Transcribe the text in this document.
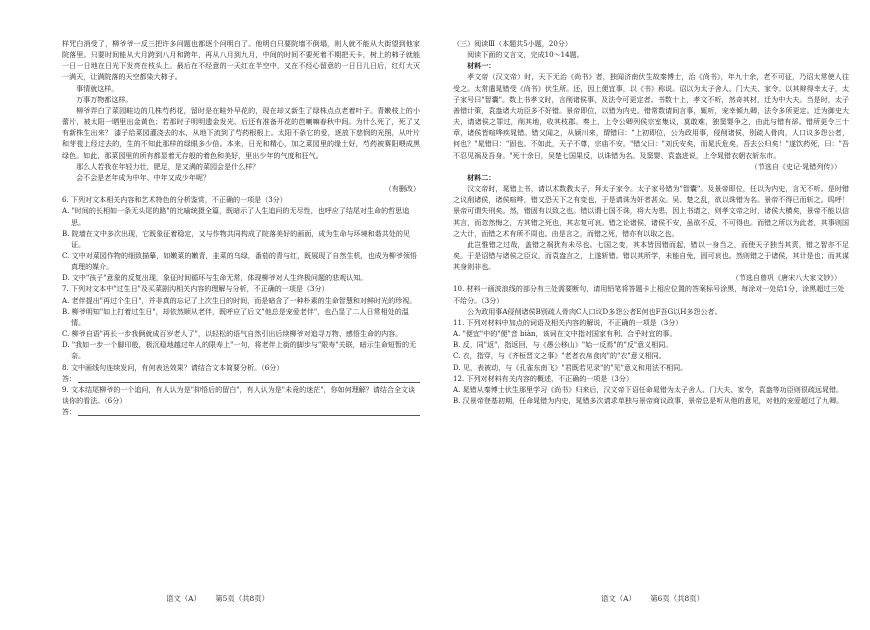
样咒白消受了，柳爷爷一反三把许多问题也都逐个问明白了。他明白只要院墙不倒塌，则人就不能从大街望到他家院落里。只要时间能从大月跨到八月和跨年，再从八月到九月，中间的时间不要死着不期把天卡，树上的柿子就能一日一日地在日光下发亮在枝头上。最后在不经意的一天红在半空中，又在不经心留意的一日日儿日后，红灯大灭一满天，让满院落的天空都染大柿子。

事情就这样。

万事万物都这样。

柳爷弄白了菜园畦边的几株芍药花，留时是在畦外早花的，现在却又新生了绿株点点老着叶子。青嫩枝上的小蕾片，被太阳一晒里出金黄色；若那时子明明遗金发光，后还有准备开花的芭喇嘛春秋中间。为什么死了，死了又有新株生出来？ 漆子给菜园灌浇去的水，从地下流到了芍药根根上。太阳不条它的爱，逐放下慈悯的光照，从叶片和芽苞上经过去的，生的不知此那样的绿眼多少倍。本来，日光和精心，加之菜园里的缘土好，芍药被赛阳喂成黑绿色。如此，那菜园里的所有都显着无存般的着色和美好，里出少年的气度和狂气。

那么人若我在年轻力壮，肥足，是又满的菜园会是什么样？

会不会是老年成为中年、中年又成少年呢？

（有删改）

6. 下列对文本相关内容和艺术特色的分析鉴赏，不正确的一项是（3分）

A. "时间的长相如一条无头尾的路"的比喻统摄全篇，既暗示了人生追问的无尽性，也呼应了结尾对生命的哲思追思。

B. 院墙在文中多次出现，它既象征着稳定，又与作物共同构成了院落美好的画面，成为生命与环境和谐共处的见证。

C. 文中对菜园作物的细致描摹，如嫩菜的嫩青，韭菜的乌绿，番茄的青与红，既展现了自然生机，也成为柳爷领悟真理的媒介。

D. 文中"孩子"意象的反复出现，象征时间循环与生命无常，体现柳爷对人生终极问题的悲观认知。

7. 下列对文本中"过生日"及买菜剧沟相关内容的理解与分析，不正确的一项是（3分）

A. 老伴提出"再过个生日"，并非真的忘记了上次生日的时间，而是暗含了一种朴素的生命智慧和对鲜时光的珍视。

B. 柳爷明知"如上打着过生日"，却依然顺从老伴，既呼应了后文"他总是宠爱老伴"，也凸显了二人日常相处的温情。

C. 柳爷自语"再长一步我俩就成百岁老人了"，以轻松的语气自然引出后续柳爷对追寻万物、感悟生命的内容。

D. "我如一步一个脚印般，极沉稳地越过年人的限寿上"一句，将老伴上街的脚步与"限寿"关联，暗示生命短暂的无奈。

8. 文中画线句连续发问，有何表达效果？请结合文本简要分析。（6分）

答：

9. 文本结尾柳爷的一个追问，有人认为是"抑悟后的留白"，有人认为是"未竟的迷茫"，你如何理解？请结合全文谈谈你的看法。（6分）

答：
语文（A） 第5页（共8页）

（三）阅读Ⅲ（本题共5小题，20分）

阅读下面的文言文，完成10～14题。

材料一：

孝文帝（汉文帝）时，天下无治《尚书》者，独闻济南伏生故秦博士，治《尚书》，年九十余，老不可征，乃诏太常使人往受之。太常遣晁错受《尚书》伏生所。还，因上便宜事，以《书》称说。诏以为太子舍人、门大夫、家令。以其辩得幸太子，太子家号曰"智囊"。数上书孝文时，言削诸侯事，及法令可更定者。书数十上，孝文不听，然奇其材，迁为中大夫。当是时，太子善错计策，袁盎诸大功臣多不好错。景帝即位，以错为内史。错常数请间言事，辄听，宠幸倾九卿，法令多所更定。迁为御史大夫，请诸侯之罪过，削其地，收其枝郡。奏上，上令公卿列侯宗室集议，莫敢难，独窦婴争之，由此与错有郤。错所更令三十章，诸侯皆喧哗疾晁错。错父闻之，从颍川来，谓错曰："上初即位，公为政用事，侵削诸侯，别疏人骨肉，人口议多怨公者，何也？"晁错曰："固也。不如此，天子不尊，宗庙不安。"错父曰："刘氏安矣，而晁氏危矣，吾去公归矣！"遂饮药死，曰："吾不忍见祸及吾身。"死十余日，吴楚七国果反，以诛错为名。及窦婴、袁盎进说，上令晁错衣朝衣斩东市。

（节选自《史记·晁错列传》）

材料二：

汉文帝时，晁错上书，请以术数教太子，拜太子家令。太子家号错为"智囊"。及景帝即位，任以为内史，言无不听。是时错之议削诸侯，诸侯喧哗，错又恐天下之有变也，于是请诛为奸者甚众。吴、楚之乱，欲以诛错为名。景帝不得已而斩之。呜呼！景帝可谓失刑矣。然，错固有以致之也。错以谓七国不诛，将大为患，因上书请之，则孝文帝之时，诸侯大横矣，景帝不能以信其言，而忽然悔之，方其错之死也，其志复可哀。错之论诸侯，诸侯不安，虽欲不反，不可得也。而错之所以为此者，其事则国之大计，而错之术有所不周也。由是言之，而错之死，错亦有以取之也。

此岂惟错之过哉，盖错之祸犹有未尽也。七国之变，其本皆因错而起，错以一身当之，而使天子独当其责，错之智亦不足矣。于是诏错与诸侯之臣议，而袁盎言之，上遂斩错。错以其所学，未能自免，固可哀也。然则错之于诸侯，其计是也；而其谋其身则非也。

（节选自曾巩《唐宋八大家文钞》）

10. 材料一画波浪线的部分有三处需要断句，请用铅笔将答题卡上相应位置的答案标号涂黑，每涂对一处给1分，涂黑超过三处不给分。（3分）

公为政用事A侵削诸侯B别疏人骨肉C人口议D多怨公者E何也F吾G以H多怨公者。

11. 下列对材料中加点的词语及相关内容的解说，不正确的一项是（3分）

A. "便宜"中的"便"音 biàn，该词在文中指对国家有利、合乎时宜的事。

B. 反，同"返"，指返回，与《愚公移山》"始一反焉"的"反"意义相同。

C. 衣，指穿，与《齐桓晋文之事》"老者衣帛食肉"的"衣"意义相同。

D. 见，表被动，与《孔雀东南飞》"君既若见录"的"见"意义和用法不相同。

12. 下列对材料有关内容的概述，不正确的一项是（3分）

A. 晁错从秦博士伏生那里学习《尚书》归来后，汉文帝下诏任命晁错为太子舍人、门大夫、家令，袁盎等功臣则很疏远晁错。

B. 汉景帝登基初期，任命晁错为内史，晁错多次请求单独与景帝商议政事，景帝总是听从他的意见，对他的宠爱超过了九卿。

语文（A） 第6页（共8页）
